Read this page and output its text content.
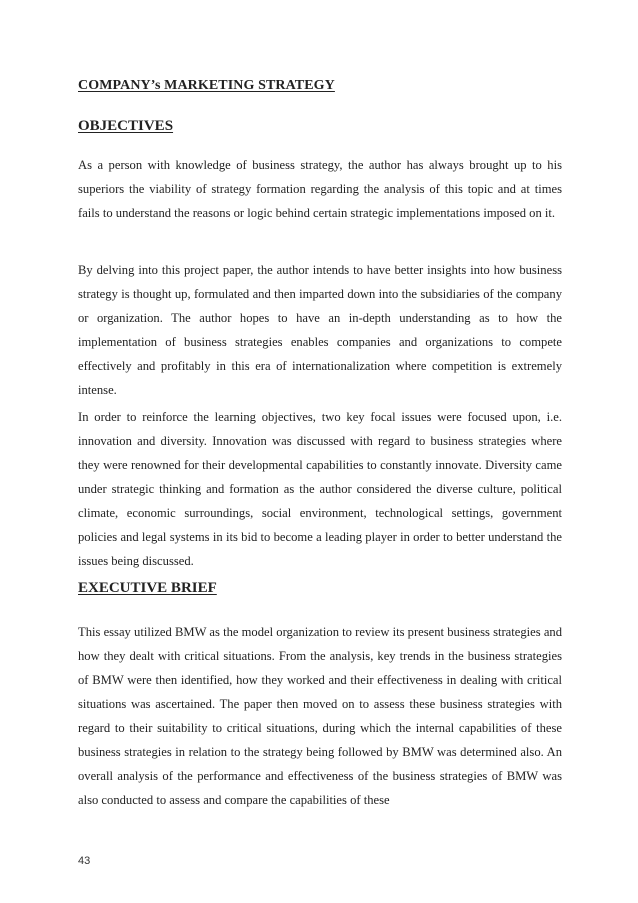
COMPANY’s MARKETING STRATEGY
OBJECTIVES

As a person with knowledge of business strategy, the author has always brought up to his superiors the viability of strategy formation regarding the analysis of this topic and at times fails to understand the reasons or logic behind certain strategic implementations imposed on it.

By delving into this project paper, the author intends to have better insights into how business strategy is thought up, formulated and then imparted down into the subsidiaries of the company or organization. The author hopes to have an in-depth understanding as to how the implementation of business strategies enables companies and organizations to compete effectively and profitably in this era of internationalization where competition is extremely intense.

In order to reinforce the learning objectives, two key focal issues were focused upon, i.e. innovation and diversity. Innovation was discussed with regard to business strategies where they were renowned for their developmental capabilities to constantly innovate. Diversity came under strategic thinking and formation as the author considered the diverse culture, political climate, economic surroundings, social environment, technological settings, government policies and legal systems in its bid to become a leading player in order to better understand the issues being discussed.

EXECUTIVE BRIEF

This essay utilized BMW as the model organization to review its present business strategies and how they dealt with critical situations. From the analysis, key trends in the business strategies of BMW were then identified, how they worked and their effectiveness in dealing with critical situations was ascertained. The paper then moved on to assess these business strategies with regard to their suitability to critical situations, during which the internal capabilities of these business strategies in relation to the strategy being followed by BMW was determined also. An overall analysis of the performance and effectiveness of the business strategies of BMW was also conducted to assess and compare the capabilities of these

43
